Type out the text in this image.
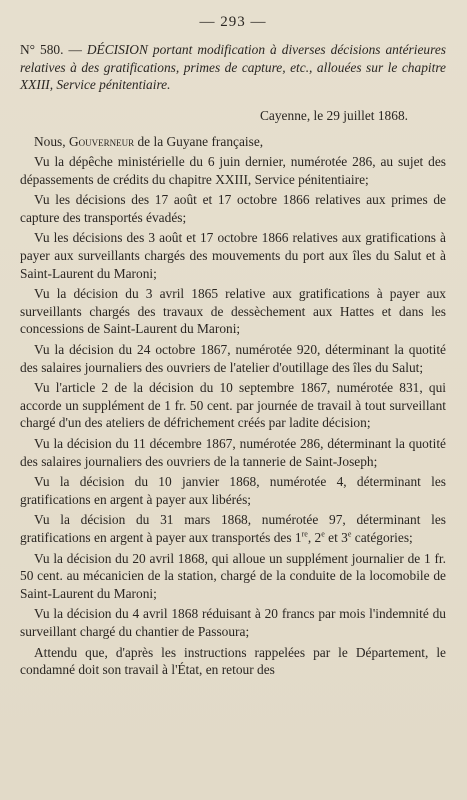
— 293 —
N° 580. — DÉCISION portant modification à diverses décisions antérieures relatives à des gratifications, primes de capture, etc., allouées sur le chapitre XXIII, Service pénitentiaire.
Cayenne, le 29 juillet 1868.

Nous, Gouverneur de la Guyane française,

Vu la dépêche ministérielle du 6 juin dernier, numérotée 286, au sujet des dépassements de crédits du chapitre XXIII, Service pénitentiaire;

Vu les décisions des 17 août et 17 octobre 1866 relatives aux primes de capture des transportés évadés;

Vu les décisions des 3 août et 17 octobre 1866 relatives aux gratifications à payer aux surveillants chargés des mouvements du port aux îles du Salut et à Saint-Laurent du Maroni;

Vu la décision du 3 avril 1865 relative aux gratifications à payer aux surveillants chargés des travaux de dessèchement aux Hattes et dans les concessions de Saint-Laurent du Maroni;

Vu la décision du 24 octobre 1867, numérotée 920, déterminant la quotité des salaires journaliers des ouvriers de l'atelier d'outillage des îles du Salut;

Vu l'article 2 de la décision du 10 septembre 1867, numérotée 831, qui accorde un supplément de 1 fr. 50 cent. par journée de travail à tout surveillant chargé d'un des ateliers de défrichement créés par ladite décision;

Vu la décision du 11 décembre 1867, numérotée 286, déterminant la quotité des salaires journaliers des ouvriers de la tannerie de Saint-Joseph;

Vu la décision du 10 janvier 1868, numérotée 4, déterminant les gratifications en argent à payer aux libérés;

Vu la décision du 31 mars 1868, numérotée 97, déterminant les gratifications en argent à payer aux transportés des 1re, 2e et 3e catégories;

Vu la décision du 20 avril 1868, qui alloue un supplément journalier de 1 fr. 50 cent. au mécanicien de la station, chargé de la conduite de la locomobile de Saint-Laurent du Maroni;

Vu la décision du 4 avril 1868 réduisant à 20 francs par mois l'indemnité du surveillant chargé du chantier de Passoura;

Attendu que, d'après les instructions rappelées par le Département, le condamné doit son travail à l'État, en retour des
